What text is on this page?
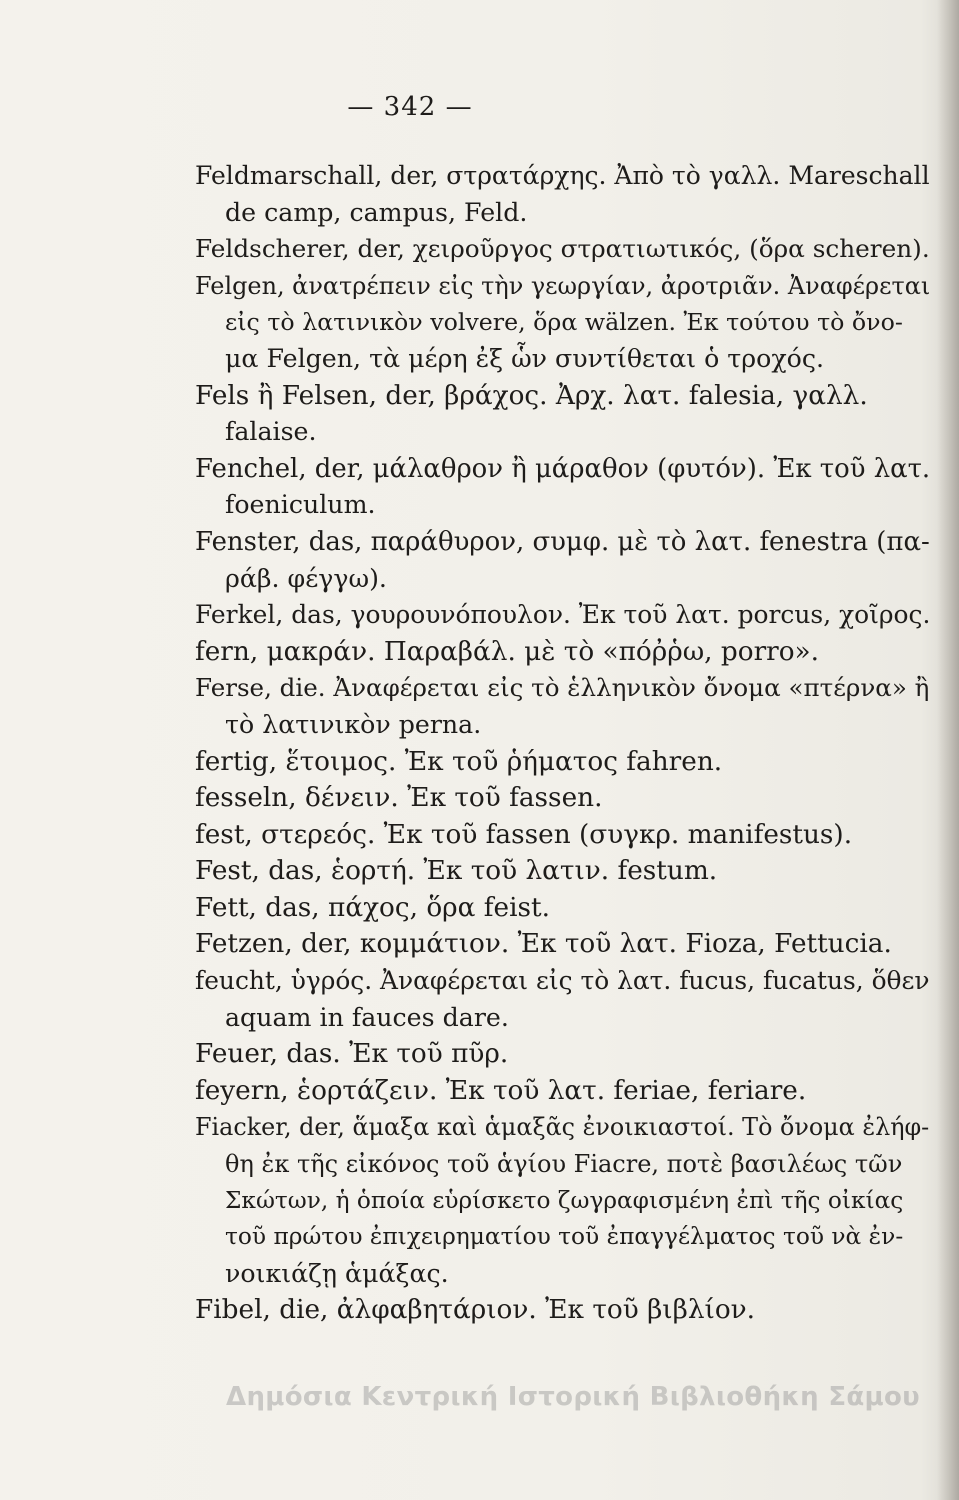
— 342 —
Feldmarschall, der, στρατάρχης. Ἀπὸ τὸ γαλλ. Mareschall
de camp, campus, Feld.
Feldscherer, der, χειροῦργος στρατιωτικός, (ὅρα scheren).
Felgen, ἀνατρέπειν εἰς τὴν γεωργίαν, ἀροτριᾶν. Ἀναφέρεται
εἰς τὸ λατινικὸν volvere, ὅρα wälzen. Ἐκ τούτου τὸ ὄνο-
μα Felgen, τὰ μέρη ἐξ ὧν συντίθεται ὁ τροχός.
Fels ἢ Felsen, der, βράχος. Ἀρχ. λατ. falesia, γαλλ.
falaise.
Fenchel, der, μάλαθρον ἢ μάραθον (φυτόν). Ἐκ τοῦ λατ.
foeniculum.
Fenster, das, παράθυρον, συμφ. μὲ τὸ λατ. fenestra (πα-
ράβ. φέγγω).
Ferkel, das, γουρουνόπουλον. Ἐκ τοῦ λατ. porcus, χοῖρος.
fern, μακράν. Παραβάλ. μὲ τὸ «πόῤῥω, porro».
Ferse, die. Ἀναφέρεται εἰς τὸ ἑλληνικὸν ὄνομα «πτέρνα» ἢ
τὸ λατινικὸν perna.
fertig, ἕτοιμος. Ἐκ τοῦ ῥήματος fahren.
fesseln, δένειν. Ἐκ τοῦ fassen.
fest, στερεός. Ἐκ τοῦ fassen (συγκρ. manifestus).
Fest, das, ἑορτή. Ἐκ τοῦ λατιν. festum.
Fett, das, πάχος, ὅρα feist.
Fetzen, der, κομμάτιον. Ἐκ τοῦ λατ. Fioza, Fettucia.
feucht, ὑγρός. Ἀναφέρεται εἰς τὸ λατ. fucus, fucatus, ὅθεν
aquam in fauces dare.
Feuer, das. Ἐκ τοῦ πῦρ.
feyern, ἑορτάζειν. Ἐκ τοῦ λατ. feriae, feriare.
Fiacker, der, ἅμαξα καὶ ἁμαξᾶς ἐνοικιαστοί. Τὸ ὄνομα ἐλήφ-
θη ἐκ τῆς εἰκόνος τοῦ ἁγίου Fiacre, ποτὲ βασιλέως τῶν
Σκώτων, ἡ ὁποία εὑρίσκετο ζωγραφισμένη ἐπὶ τῆς οἰκίας
τοῦ πρώτου ἐπιχειρηματίου τοῦ ἐπαγγέλματος τοῦ νὰ ἐν-
νοικιάζῃ ἁμάξας.
Fibel, die, ἀλφαβητάριον. Ἐκ τοῦ βιβλίον.
Δημόσια Κεντρική Ιστορική Βιβλιοθήκη Σάμου
